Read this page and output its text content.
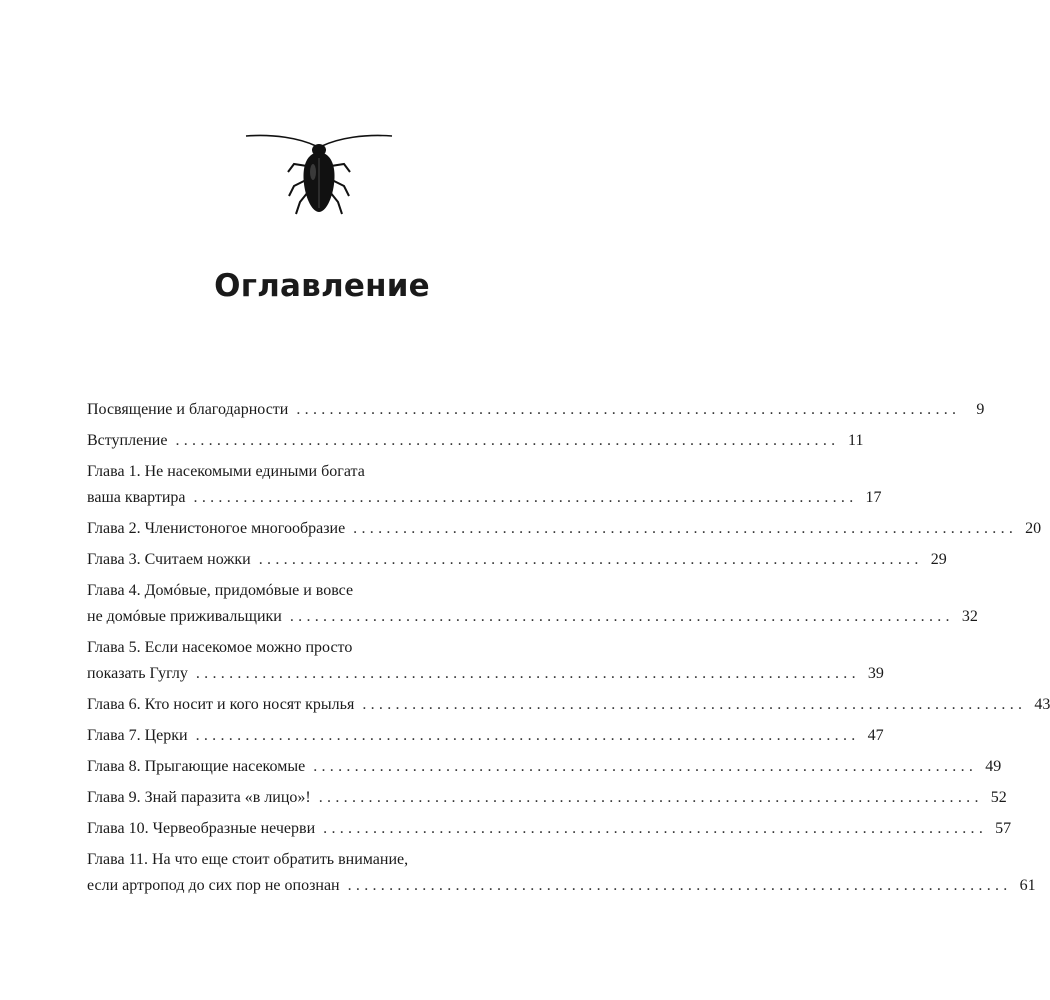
Оглавление
Посвящение и благодарности ................................................................................	9
Вступление ................................................................................ 11
Глава 1. Не насекомыми едиными богата
ваша квартира ................................................................................ 17
Глава 2. Членистоногое многообразие ................................................................................ 20
Глава 3. Считаем ножки ................................................................................ 29
Глава 4. Домóвые, придомóвые и вовсе
не домóвые приживальщики ................................................................................ 32
Глава 5. Если насекомое можно просто
показать Гуглу ................................................................................ 39
Глава 6. Кто носит и кого носят крылья ................................................................................ 43
Глава 7. Церки ................................................................................ 47
Глава 8. Прыгающие насекомые ................................................................................ 49
Глава 9. Знай паразита «в лицо»! ................................................................................ 52
Глава 10. Червеобразные нечерви ................................................................................ 57
Глава 11. На что еще стоит обратить внимание,
если артропод до сих пор не опознан ................................................................................ 61
